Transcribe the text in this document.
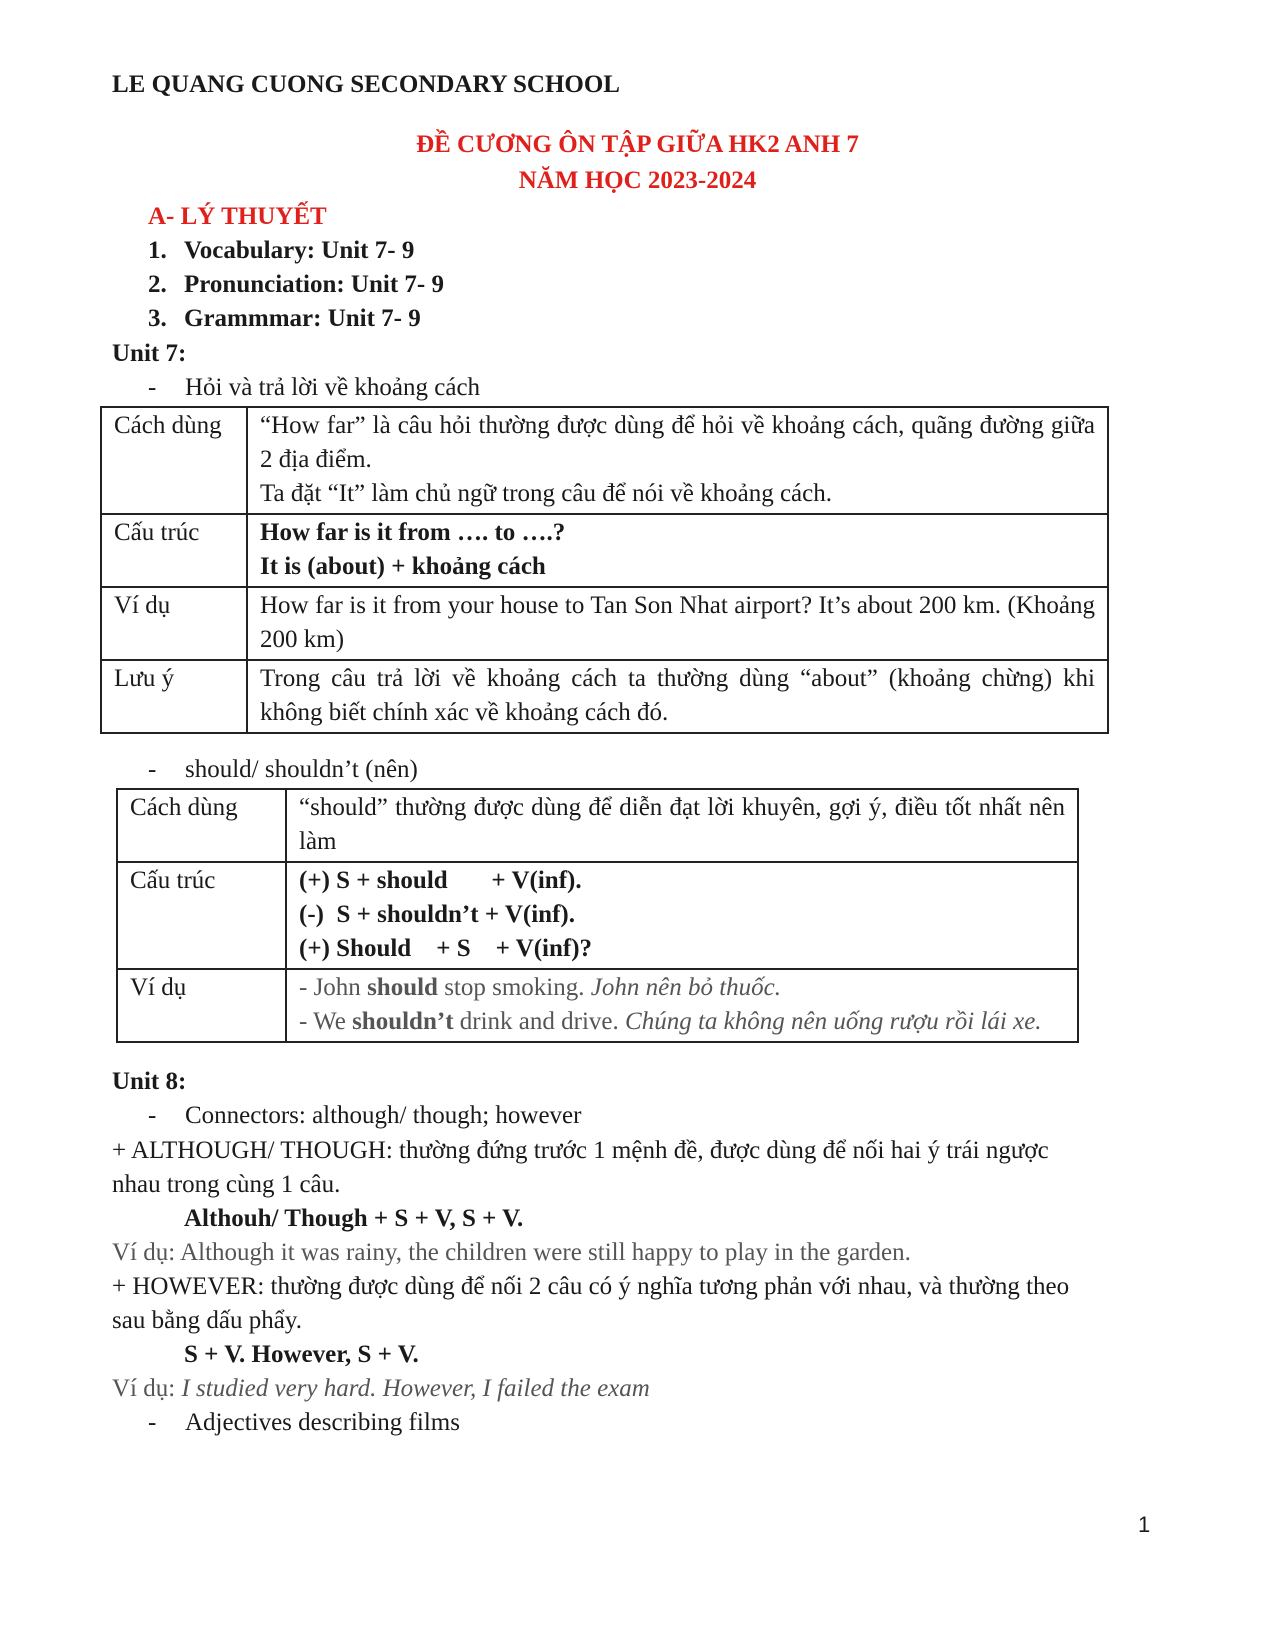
LE QUANG CUONG SECONDARY SCHOOL
ĐỀ CƯƠNG ÔN TẬP GIỮA HK2 ANH 7
NĂM HỌC 2023-2024
A- LÝ THUYẾT
1. Vocabulary: Unit 7- 9
2. Pronunciation: Unit 7- 9
3. Grammmar: Unit 7- 9
Unit 7:
- Hỏi và trả lời về khoảng cách
Cách dùng	“How far” là câu hỏi thường được dùng để hỏi về khoảng cách, quãng đường giữa 2 địa điểm.
Ta đặt “It” làm chủ ngữ trong câu để nói về khoảng cách.

Cấu trúc	How far is it from …. to ….?
It is (about) + khoảng cách

Ví dụ	How far is it from your house to Tan Son Nhat airport? It’s about 200 km. (Khoảng 200 km)
Lưu ý	Trong câu trả lời về khoảng cách ta thường dùng “about” (khoảng chừng) khi không biết chính xác về khoảng cách đó.
- should/ shouldn’t (nên)
Cách dùng	“should” thường được dùng để diễn đạt lời khuyên, gợi ý, điều tốt nhất nên làm
Cấu trúc	(+) S + should       + V(inf).
(-)  S + shouldn’t + V(inf).
(+) Should    + S    + V(inf)?

Ví dụ	- John should stop smoking. John nên bỏ thuốc.
- We shouldn’t drink and drive. Chúng ta không nên uống rượu rồi lái xe.
Unit 8:
- Connectors: although/ though; however
+ ALTHOUGH/ THOUGH: thường đứng trước 1 mệnh đề, được dùng để nối hai ý trái ngược
nhau trong cùng 1 câu.
Althouh/ Though + S + V, S + V.
Ví dụ: Although it was rainy, the children were still happy to play in the garden.
+ HOWEVER: thường được dùng để nối 2 câu có ý nghĩa tương phản với nhau, và thường theo
sau bằng dấu phẩy.
S + V. However, S + V.
Ví dụ: I studied very hard. However, I failed the exam
- Adjectives describing films
1
